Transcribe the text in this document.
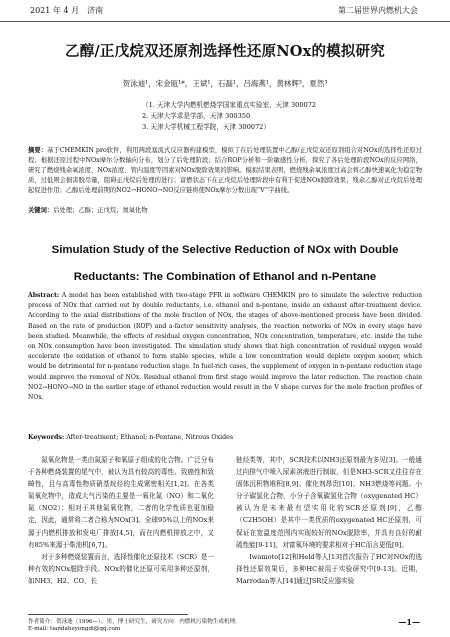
2021 年 4 月　济南	第二届世界内燃机大会
乙醇/正戊烷双还原剂选择性还原NOx的模拟研究
贺泳迪¹，宋金瓯¹*，王斌¹，石磊¹，吕海燕¹，黄林辉³，夏然³
（1. 天津大学内燃机燃烧学国家重点实验室，天津 300072
2. 天津大学求是学部，天津 300350
3. 天津大学机械工程学院，天津 300072）
摘要：基于CHEMKIN pro软件，利用两段塞流式反应器构建模型，模拟了在后处理装置中乙醇/正戊烷双还原剂组合对NOx的选择性还原过程；根据还原过程中NOx摩尔分数轴向分布，划分了后处理阶段；结合ROP分析和一阶敏感性分析，探究了各后处理阶段NOx的反应网络，研究了燃烧残余氧浓度、NOx浓度、管内温度等因素对NOx脱除效果的影响。模拟结果表明，燃烧残余氧浓度过高会将乙醇快速氧化为稳定物质，过低则会损害脱尽量，阻碍正戊烷后处理的进行；富燃状态下在正戊烷后处理阶段中有利于促进NOx脱除效果；残余乙醇对正戊烷后处理起促进作用；乙醇后处理前期的NO2→HONO→NO反应链将使NOx摩尔分数出现“V”字曲线。
关键词：后处理；乙醇；正戊烷；氮氧化物
Simulation Study of the Selective Reduction of NOx with Double
Reductants: The Combination of Ethanol and n-Pentane
Abstract: A model has been established with two-stage PFR in software CHEMKIN pro to simulate the selective reduction process of NOx that carried out by double reductants, i.e. ethanol and n-pentane, inside an exhaust after-treatment device. According to the axial distributions of the mole fraction of NOx, the stages of above-mentioned process have been divided. Based on the rate of production (ROP) and a-factor sensitivity analyses, the reaction networks of NOx in every stage have been studied. Meanwhile, the effects of residual oxygen concentration, NOx concentration, temperature, etc. inside the tube on NOx consumption have been investigated. The simulation study shows that high concentration of residual oxygen would accelerate the oxidation of ethanol to form stable species, while a low concentration would deplete oxygen sooner, which would be detrimental for n-pentane reduction stage. In fuel-rich cases, the supplement of oxygen in n-pentane reduction stage would improve the removal of NOx. Residual ethanol from first stage would improve the later reduction. The reaction chain NO2→HONO→NO in the earlier stage of ethanol reduction would result in the V shape curves for the mole fraction profiles of NOx.
Keywords: After-treatment; Ethanol; n-Pentane, Nitrous Oxides

氮氧化物是一类由氮原子和氧原子组成的化合物。广泛分布于各种燃烧装置的尾气中，被认为具有较高的毒性、致癌性和致畸性，且与高毒性物质硝基烷烃的生成紧密相关[1,2]。在各类氮氧化物中，造成大气污染的主要是一氧化氮（NO）和二氧化氮（NO2）；相对于其他氮氧化物，二者的化学性质也更加稳定，因此，通常将二者合称为NOx[3]。全球95%以上的NOx来源于内燃机排放和发电厂排放[4,5]，而在内燃机排放之中，又有85%来源于柴油机[6,7]。

对于多种燃烧装置而言，选择性催化还原技术（SCR）是一种有效的NOx脱除手段。NOx的催化还原可采用多种还原剂，如NH3、H2、CO、长

链烃类等，其中，SCR技术以NH3还原剂最为多见[3]。一般通过向排气中喷入尿素溶液进行制取，但是NH3-SCR又往往存在固体沉积物堆积[8,9]、催化剂昂贵[10]、NH3燃烧等问题。小分子碳氢化合物，小分子含氧碳氢化合物（oxygenated HC）被认为是未来最有望实用化的SCR还原剂[9]，乙醇（C2H5OH）是其中一类优质的oxygenated HC还原剂，可保证在宽温度范围内实现较好的NOx脱除率，并具有良好的耐硫性能[9-11]，对富氧环境的要求相对于HC而言更低[9]。

Iwamoto[12]和Held等人[13]首次报告了HC对NOx的选择性还原效果后，多种HC被用于实验研究中[9-13]。近期，Marrodan等人[14]通过JSR反应器实验

作者简介：贺泳迪（1996—），男，博士研究生，研究方向：内燃机污染物生成机理。
E-mail: tiandaheyongdi@qq.com
—1—
